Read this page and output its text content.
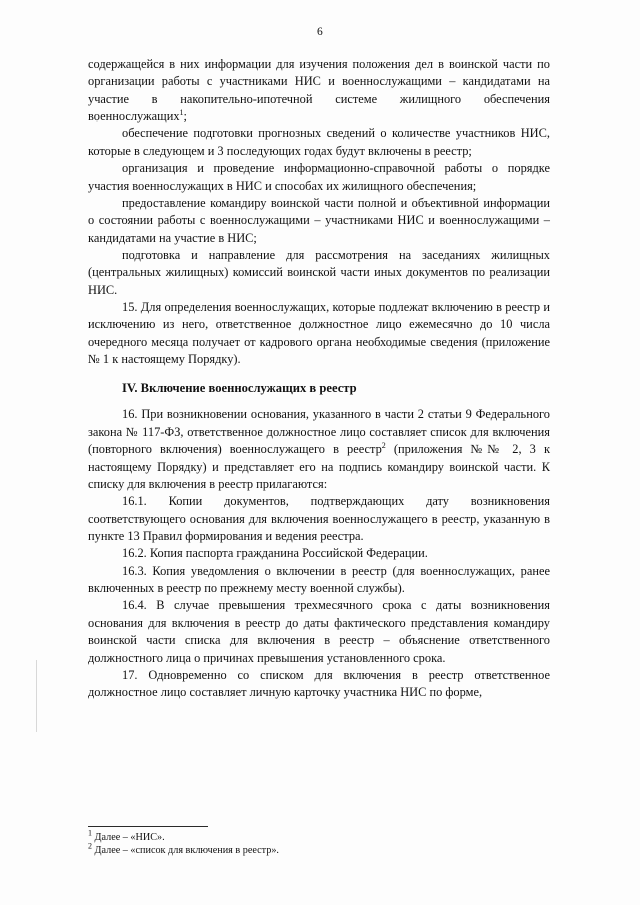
6

содержащейся в них информации для изучения положения дел в воинской части по организации работы с участниками НИС и военнослужащими – кандидатами на участие в накопительно-ипотечной системе жилищного обеспечения военнослужащих$^1$;

обеспечение подготовки прогнозных сведений о количестве участников НИС, которые в следующем и 3 последующих годах будут включены в реестр;

организация и проведение информационно-справочной работы о порядке участия военнослужащих в НИС и способах их жилищного обеспечения;

предоставление командиру воинской части полной и объективной информации о состоянии работы с военнослужащими – участниками НИС и военнослужащими – кандидатами на участие в НИС;

подготовка и направление для рассмотрения на заседаниях жилищных (центральных жилищных) комиссий воинской части иных документов по реализации НИС.

15. Для определения военнослужащих, которые подлежат включению в реестр и исключению из него, ответственное должностное лицо ежемесячно до 10 числа очередного месяца получает от кадрового органа необходимые сведения (приложение № 1 к настоящему Порядку).

IV. Включение военнослужащих в реестр

16. При возникновении основания, указанного в части 2 статьи 9 Федерального закона № 117-ФЗ, ответственное должностное лицо составляет список для включения (повторного включения) военнослужащего в реестр$^2$ (приложения №№ 2, 3 к настоящему Порядку) и представляет его на подпись командиру воинской части. К списку для включения в реестр прилагаются:

16.1. Копии документов, подтверждающих дату возникновения соответствующего основания для включения военнослужащего в реестр, указанную в пункте 13 Правил формирования и ведения реестра.

16.2. Копия паспорта гражданина Российской Федерации.

16.3. Копия уведомления о включении в реестр (для военнослужащих, ранее включенных в реестр по прежнему месту военной службы).

16.4. В случае превышения трехмесячного срока с даты возникновения основания для включения в реестр до даты фактического представления командиру воинской части списка для включения в реестр – объяснение ответственного должностного лица о причинах превышения установленного срока.

17. Одновременно со списком для включения в реестр ответственное должностное лицо составляет личную карточку участника НИС по форме,

$^1$ Далее – «НИС».

$^2$ Далее – «список для включения в реестр».
